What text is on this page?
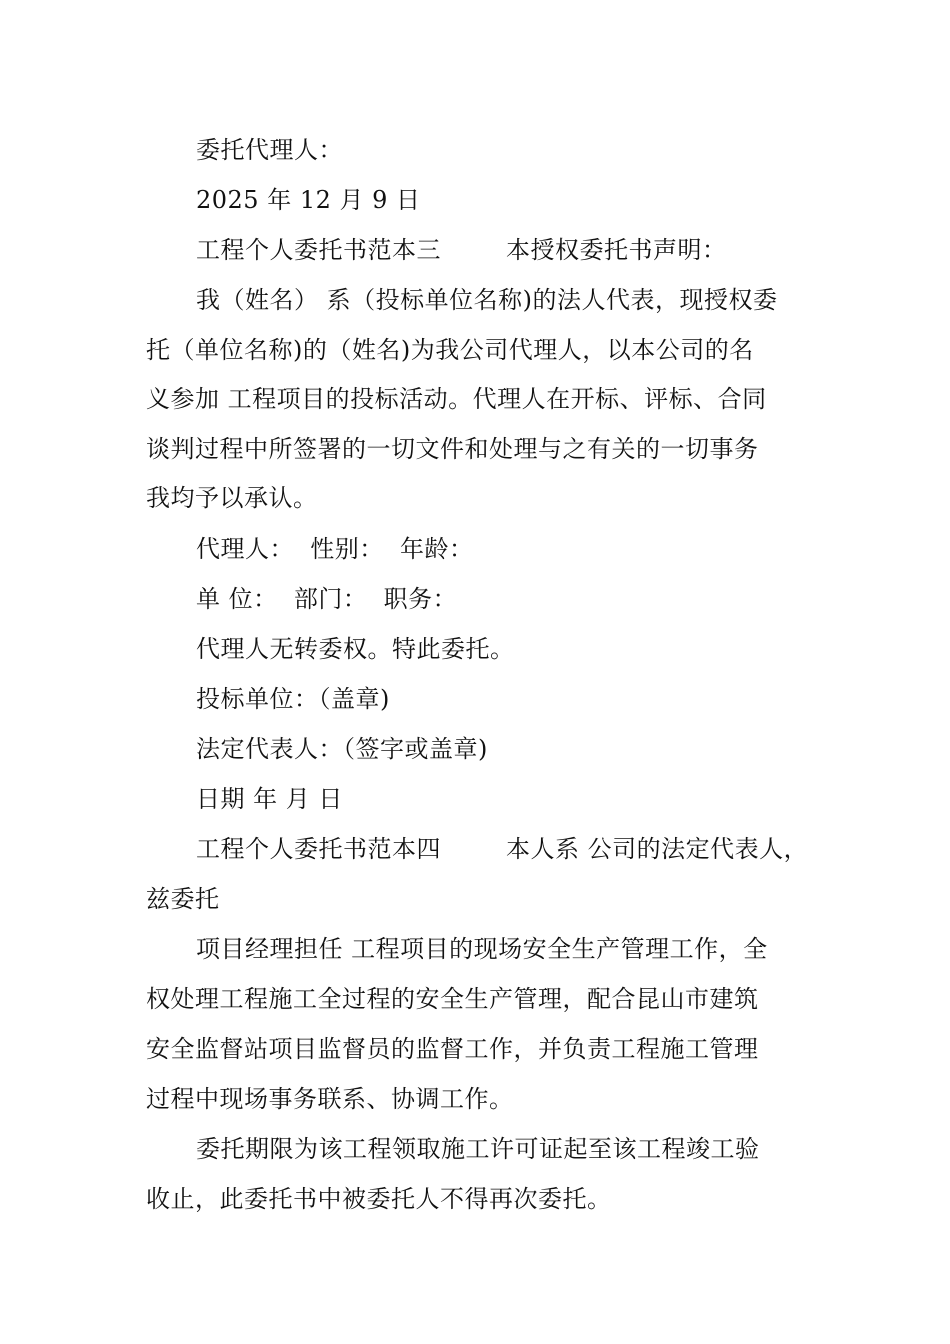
委托代理人：
2025 年 12 月 9 日
工程个人委托书范本三        本授权委托书声明：
我（姓名） 系（投标单位名称)的法人代表，现授权委
托（单位名称)的（姓名)为我公司代理人，以本公司的名
义参加 工程项目的投标活动。代理人在开标、评标、合同
谈判过程中所签署的一切文件和处理与之有关的一切事务
我均予以承认。
代理人：  性别：  年龄：
单 位：  部门：  职务：
代理人无转委权。特此委托。
投标单位：（盖章)
法定代表人：（签字或盖章)
日期 年 月 日
工程个人委托书范本四        本人系 公司的法定代表人，
兹委托
项目经理担任 工程项目的现场安全生产管理工作，全
权处理工程施工全过程的安全生产管理，配合昆山市建筑
安全监督站项目监督员的监督工作，并负责工程施工管理
过程中现场事务联系、协调工作。
委托期限为该工程领取施工许可证起至该工程竣工验
收止，此委托书中被委托人不得再次委托。
